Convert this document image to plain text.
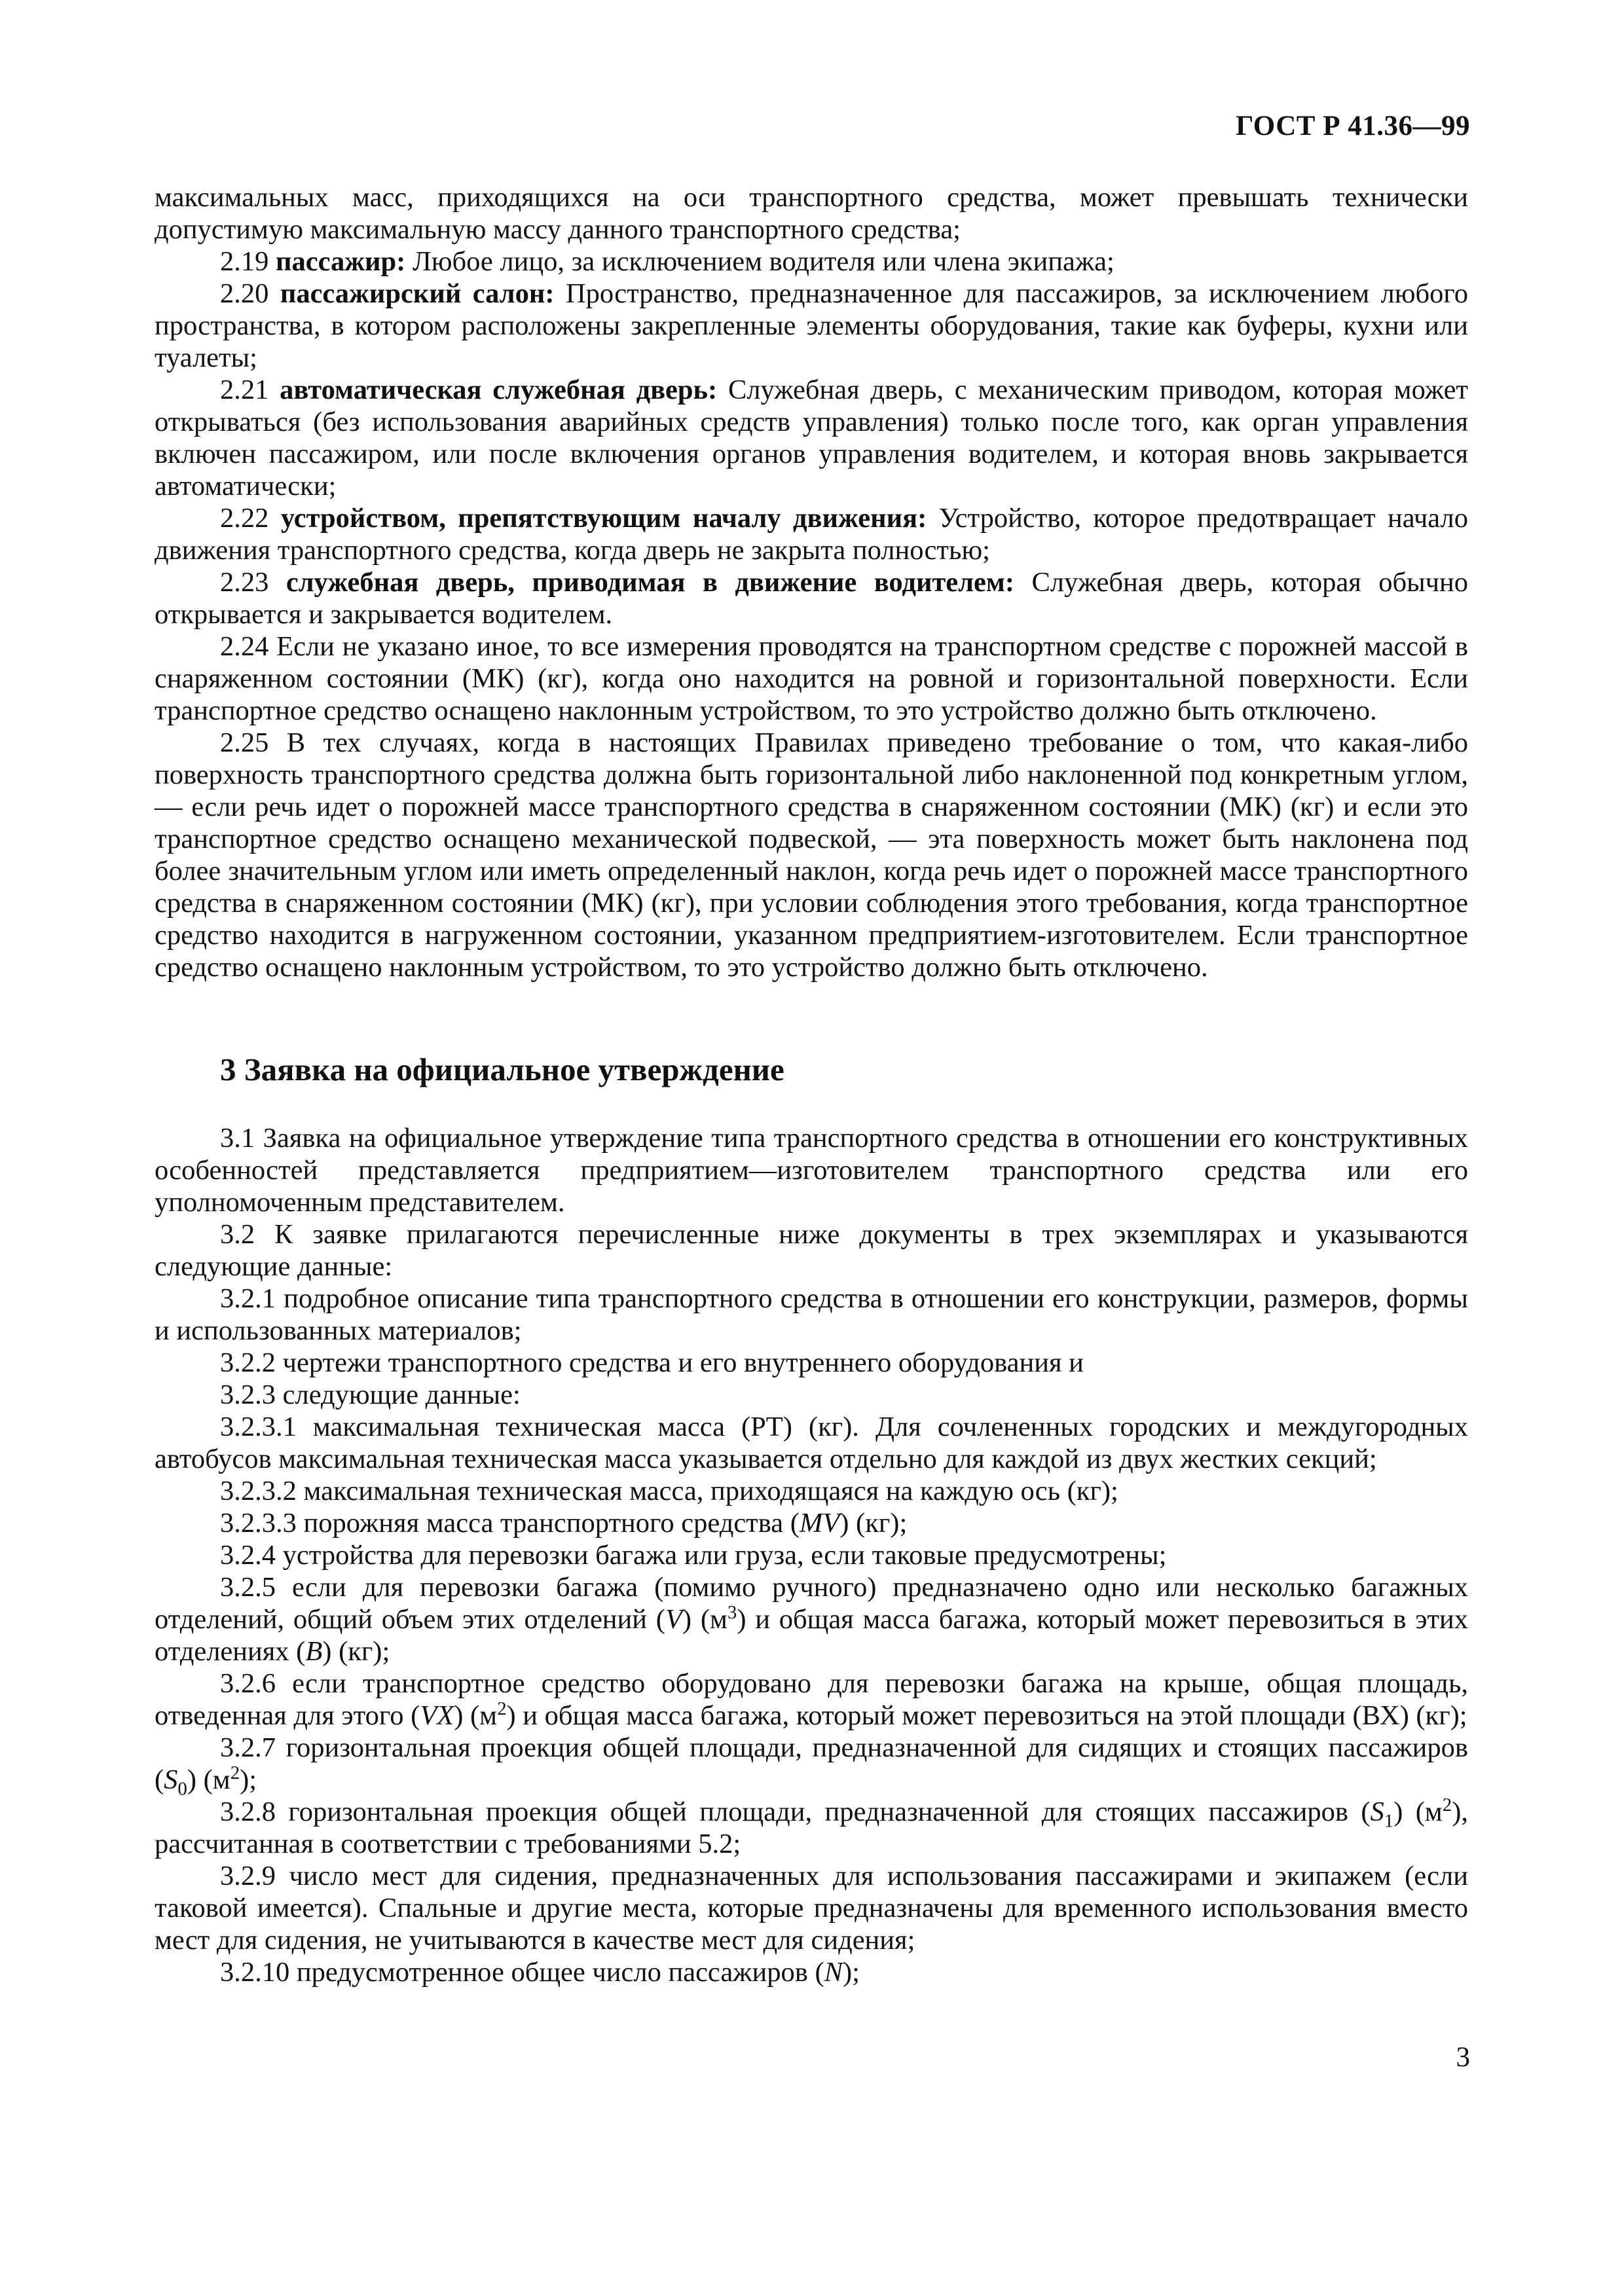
ГОСТ Р 41.36—99

максимальных масс, приходящихся на оси транспортного средства, может превышать технически допустимую максимальную массу данного транспортного средства;

2.19 пассажир: Любое лицо, за исключением водителя или члена экипажа;

2.20 пассажирский салон: Пространство, предназначенное для пассажиров, за исключением любого пространства, в котором расположены закрепленные элементы оборудования, такие как буферы, кухни или туалеты;

2.21 автоматическая служебная дверь: Служебная дверь, с механическим приводом, которая может открываться (без использования аварийных средств управления) только после того, как орган управления включен пассажиром, или после включения органов управления водителем, и которая вновь закрывается автоматически;

2.22 устройством, препятствующим началу движения: Устройство, которое предотвращает начало движения транспортного средства, когда дверь не закрыта полностью;

2.23 служебная дверь, приводимая в движение водителем: Служебная дверь, которая обычно открывается и закрывается водителем.

2.24 Если не указано иное, то все измерения проводятся на транспортном средстве с порожней массой в снаряженном состоянии (МК) (кг), когда оно находится на ровной и горизонтальной поверхности. Если транспортное средство оснащено наклонным устройством, то это устройство должно быть отключено.

2.25 В тех случаях, когда в настоящих Правилах приведено требование о том, что какая-либо поверхность транспортного средства должна быть горизонтальной либо наклоненной под конкретным углом, — если речь идет о порожней массе транспортного средства в снаряженном состоянии (МК) (кг) и если это транспортное средство оснащено механической подвеской, — эта поверхность может быть наклонена под более значительным углом или иметь определенный наклон, когда речь идет о порожней массе транспортного средства в снаряженном состоянии (МК) (кг), при условии соблюдения этого требования, когда транспортное средство находится в нагруженном состоянии, указанном предприятием-изготовителем. Если транспортное средство оснащено наклонным устройством, то это устройство должно быть отключено.

3 Заявка на официальное утверждение

3.1 Заявка на официальное утверждение типа транспортного средства в отношении его конструктивных особенностей представляется предприятием—изготовителем транспортного средства или его уполномоченным представителем.

3.2 К заявке прилагаются перечисленные ниже документы в трех экземплярах и указываются следующие данные:

3.2.1 подробное описание типа транспортного средства в отношении его конструкции, размеров, формы и использованных материалов;

3.2.2 чертежи транспортного средства и его внутреннего оборудования и

3.2.3 следующие данные:

3.2.3.1 максимальная техническая масса (PT) (кг). Для сочлененных городских и междугородных автобусов максимальная техническая масса указывается отдельно для каждой из двух жестких секций;

3.2.3.2 максимальная техническая масса, приходящаяся на каждую ось (кг);

3.2.3.3 порожняя масса транспортного средства (MV) (кг);

3.2.4 устройства для перевозки багажа или груза, если таковые предусмотрены;

3.2.5 если для перевозки багажа (помимо ручного) предназначено одно или несколько багажных отделений, общий объем этих отделений (V) $(м^3)$ и общая масса багажа, который может перевозиться в этих отделениях (B) (кг);

3.2.6 если транспортное средство оборудовано для перевозки багажа на крыше, общая площадь, отведенная для этого (VX) $(м^2)$ и общая масса багажа, который может перевозиться на этой площади (ВХ) (кг);

3.2.7 горизонтальная проекция общей площади, предназначенной для сидящих и стоящих пассажиров $(S_0)$ $(м^2)$;

3.2.8 горизонтальная проекция общей площади, предназначенной для стоящих пассажиров $(S_1)$ $(м^2)$, рассчитанная в соответствии с требованиями 5.2;

3.2.9 число мест для сидения, предназначенных для использования пассажирами и экипажем (если таковой имеется). Спальные и другие места, которые предназначены для временного использования вместо мест для сидения, не учитываются в качестве мест для сидения;

3.2.10 предусмотренное общее число пассажиров (N);

3
